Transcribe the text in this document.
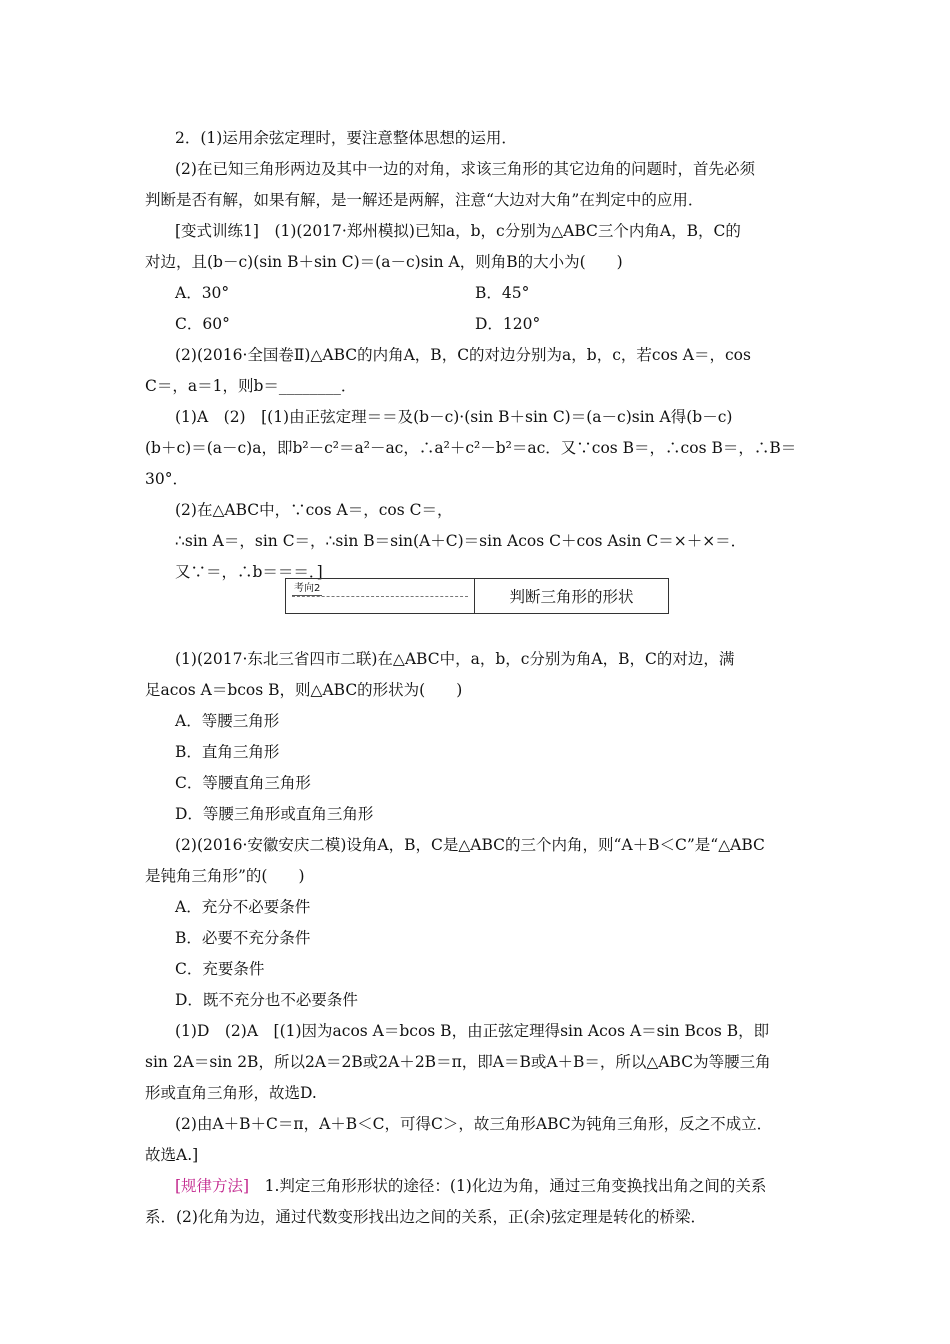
2．(1)运用余弦定理时，要注意整体思想的运用．
(2)在已知三角形两边及其中一边的对角，求该三角形的其它边角的问题时，首先必须
判断是否有解，如果有解，是一解还是两解，注意“大边对大角”在判定中的应用．
[变式训练1]　(1)(2017·郑州模拟)已知a，b，c分别为△ABC三个内角A，B，C的
对边，且(b－c)(sin B＋sin C)＝(a－c)sin A，则角B的大小为(　　)
(2)(2016·全国卷Ⅱ)△ABC的内角A，B，C的对边分别为a，b，c，若cos A＝，cos
C＝，a＝1，则b＝________．
(1)A　(2)　[(1)由正弦定理＝＝及(b－c)·(sin B＋sin C)＝(a－c)sin A得(b－c)
(b＋c)＝(a－c)a，即b²－c²＝a²－ac，∴a²＋c²－b²＝ac．又∵cos B＝，∴cos B＝，∴B＝
30°．
(2)在△ABC中，∵cos A＝，cos C＝，
∴sin A＝，sin C＝，∴sin B＝sin(A＋C)＝sin Acos C＋cos Asin C＝×＋×＝．
又∵＝，∴b＝＝＝．]
(1)(2017·东北三省四市二联)在△ABC中，a，b，c分别为角A，B，C的对边，满
足acos A＝bcos B，则△ABC的形状为(　　)
A．等腰三角形
B．直角三角形
C．等腰直角三角形
D．等腰三角形或直角三角形
(2)(2016·安徽安庆二模)设角A，B，C是△ABC的三个内角，则“A＋B＜C”是“△ABC
是钝角三角形”的(　　)
A．充分不必要条件
B．必要不充分条件
C．充要条件
D．既不充分也不必要条件
(1)D　(2)A　[(1)因为acos A＝bcos B，由正弦定理得sin Acos A＝sin Bcos B，即
sin 2A＝sin 2B，所以2A＝2B或2A＋2B＝π，即A＝B或A＋B＝，所以△ABC为等腰三角
形或直角三角形，故选D.
(2)由A＋B＋C＝π，A＋B＜C，可得C＞，故三角形ABC为钝角三角形，反之不成立．
故选A.]
系．(2)化角为边，通过代数变形找出边之间的关系，正(余)弦定理是转化的桥梁．
A．30°	B．45°
C．60°	D．120°
考向2	判断三角形的形状
[规律方法]　1.判定三角形形状的途径：(1)化边为角，通过三角变换找出角之间的关系
